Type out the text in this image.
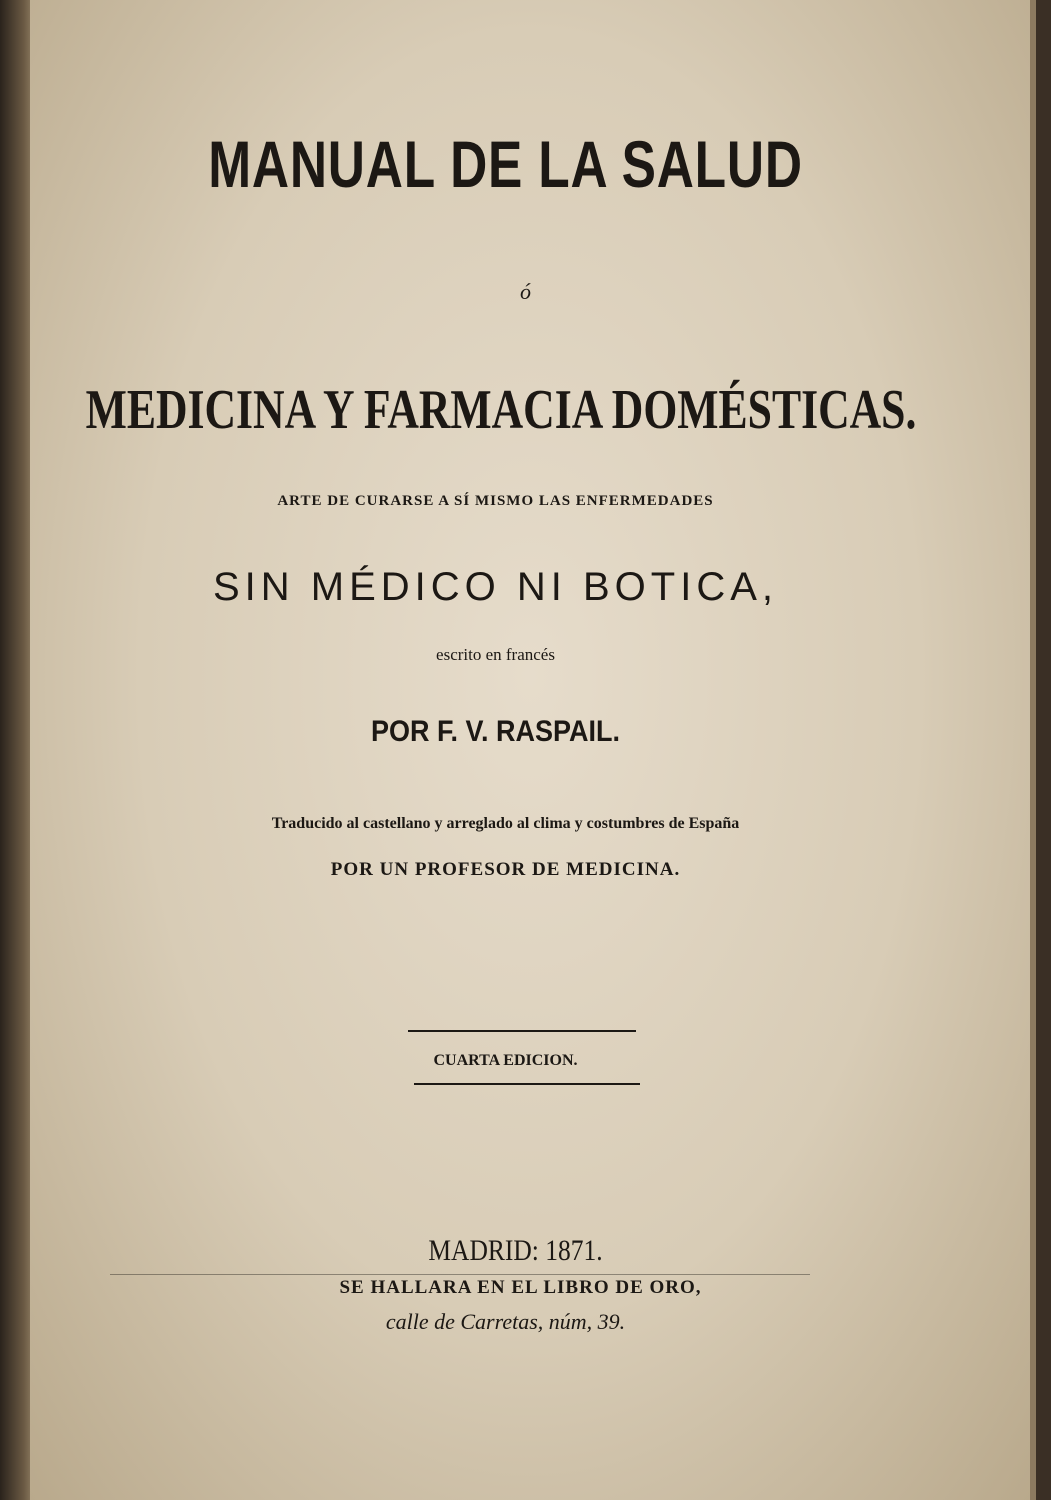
MANUAL DE LA SALUD
ó
MEDICINA Y FARMACIA DOMÉSTICAS.
ARTE DE CURARSE A SÍ MISMO LAS ENFERMEDADES
SIN MÉDICO NI BOTICA,
escrito en francés
POR F. V. RASPAIL.
Traducido al castellano y arreglado al clima y costumbres de España
POR UN PROFESOR DE MEDICINA.
CUARTA EDICION.
MADRID: 1871.
SE HALLARA EN EL LIBRO DE ORO,
calle de Carretas, núm, 39.
